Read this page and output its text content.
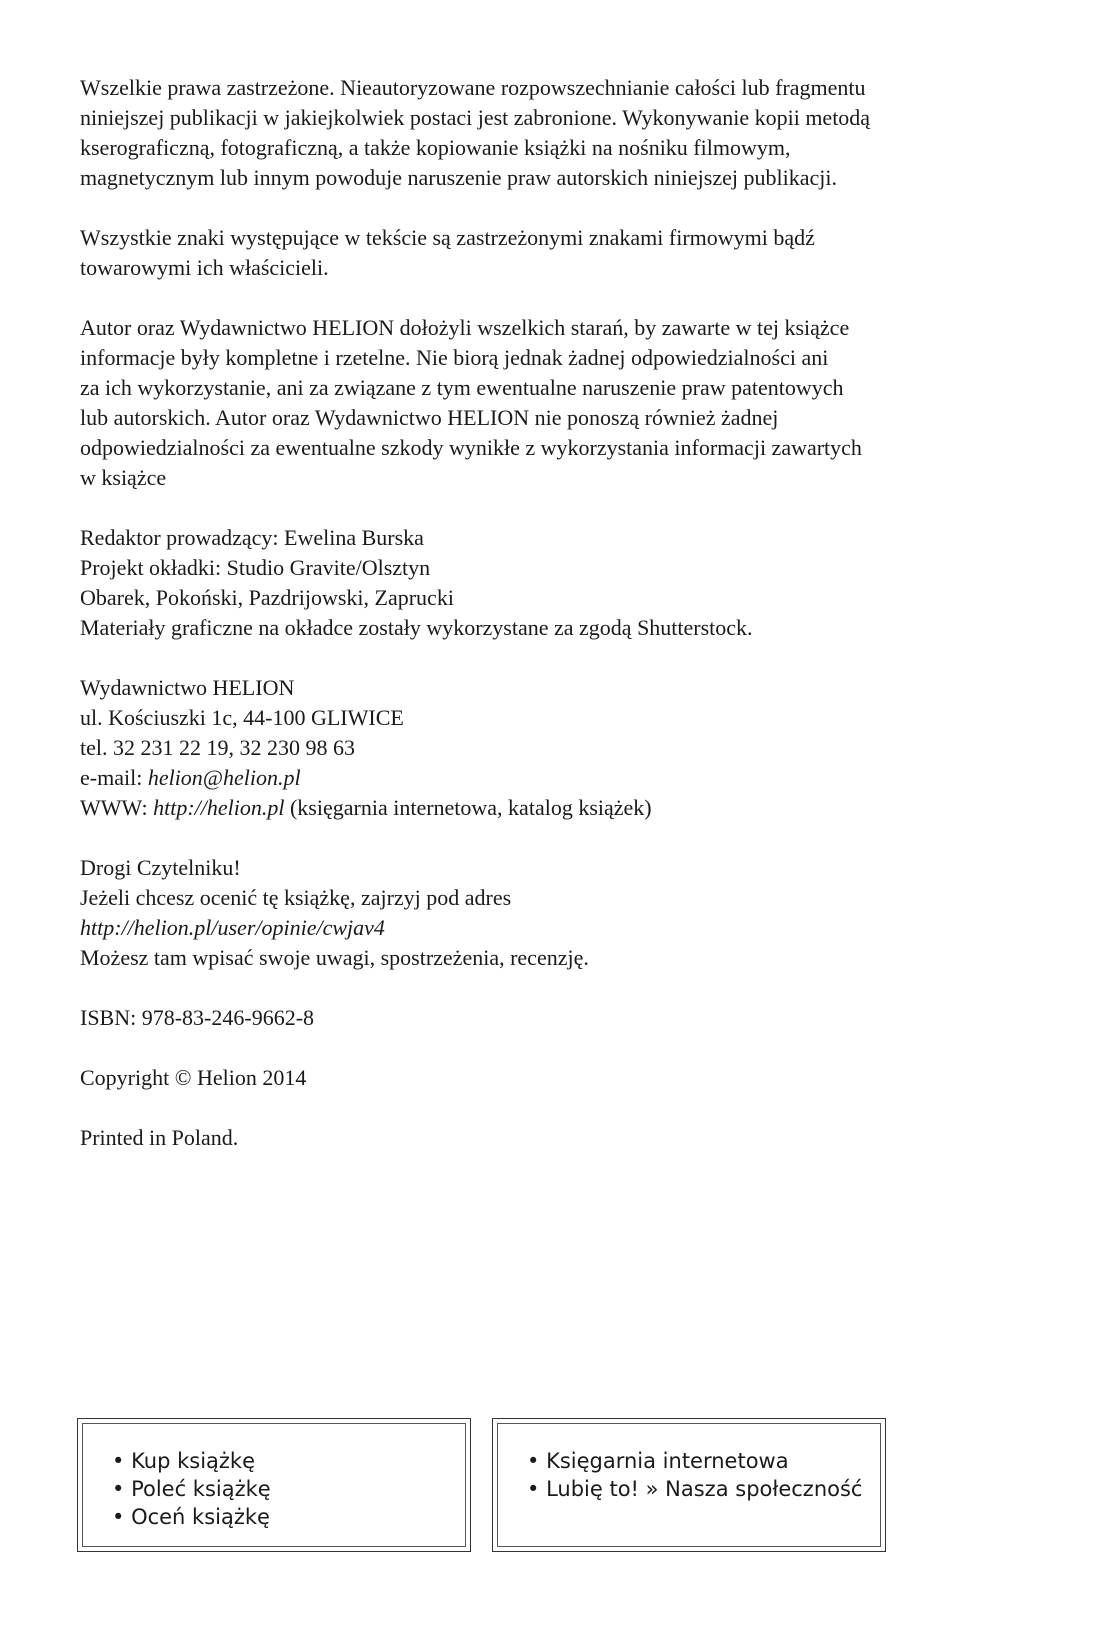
Wszelkie prawa zastrzeżone. Nieautoryzowane rozpowszechnianie całości lub fragmentu
niniejszej publikacji w jakiejkolwiek postaci jest zabronione. Wykonywanie kopii metodą
kserograficzną, fotograficzną, a także kopiowanie książki na nośniku filmowym,
magnetycznym lub innym powoduje naruszenie praw autorskich niniejszej publikacji.

Wszystkie znaki występujące w tekście są zastrzeżonymi znakami firmowymi bądź
towarowymi ich właścicieli.

Autor oraz Wydawnictwo HELION dołożyli wszelkich starań, by zawarte w tej książce
informacje były kompletne i rzetelne. Nie biorą jednak żadnej odpowiedzialności ani
za ich wykorzystanie, ani za związane z tym ewentualne naruszenie praw patentowych
lub autorskich. Autor oraz Wydawnictwo HELION nie ponoszą również żadnej
odpowiedzialności za ewentualne szkody wynikłe z wykorzystania informacji zawartych
w książce

Redaktor prowadzący: Ewelina Burska
Projekt okładki: Studio Gravite/Olsztyn
Obarek, Pokoński, Pazdrijowski, Zaprucki
Materiały graficzne na okładce zostały wykorzystane za zgodą Shutterstock.

Wydawnictwo HELION
ul. Kościuszki 1c, 44-100 GLIWICE
tel. 32 231 22 19, 32 230 98 63
e-mail: helion@helion.pl
WWW: http://helion.pl (księgarnia internetowa, katalog książek)

Drogi Czytelniku!
Jeżeli chcesz ocenić tę książkę, zajrzyj pod adres
http://helion.pl/user/opinie/cwjav4
Możesz tam wpisać swoje uwagi, spostrzeżenia, recenzję.

ISBN: 978-83-246-9662-8

Copyright © Helion 2014

Printed in Poland.

• Kup książkę
• Poleć książkę
• Oceń książkę
• Księgarnia internetowa
• Lubię to! » Nasza społeczność
